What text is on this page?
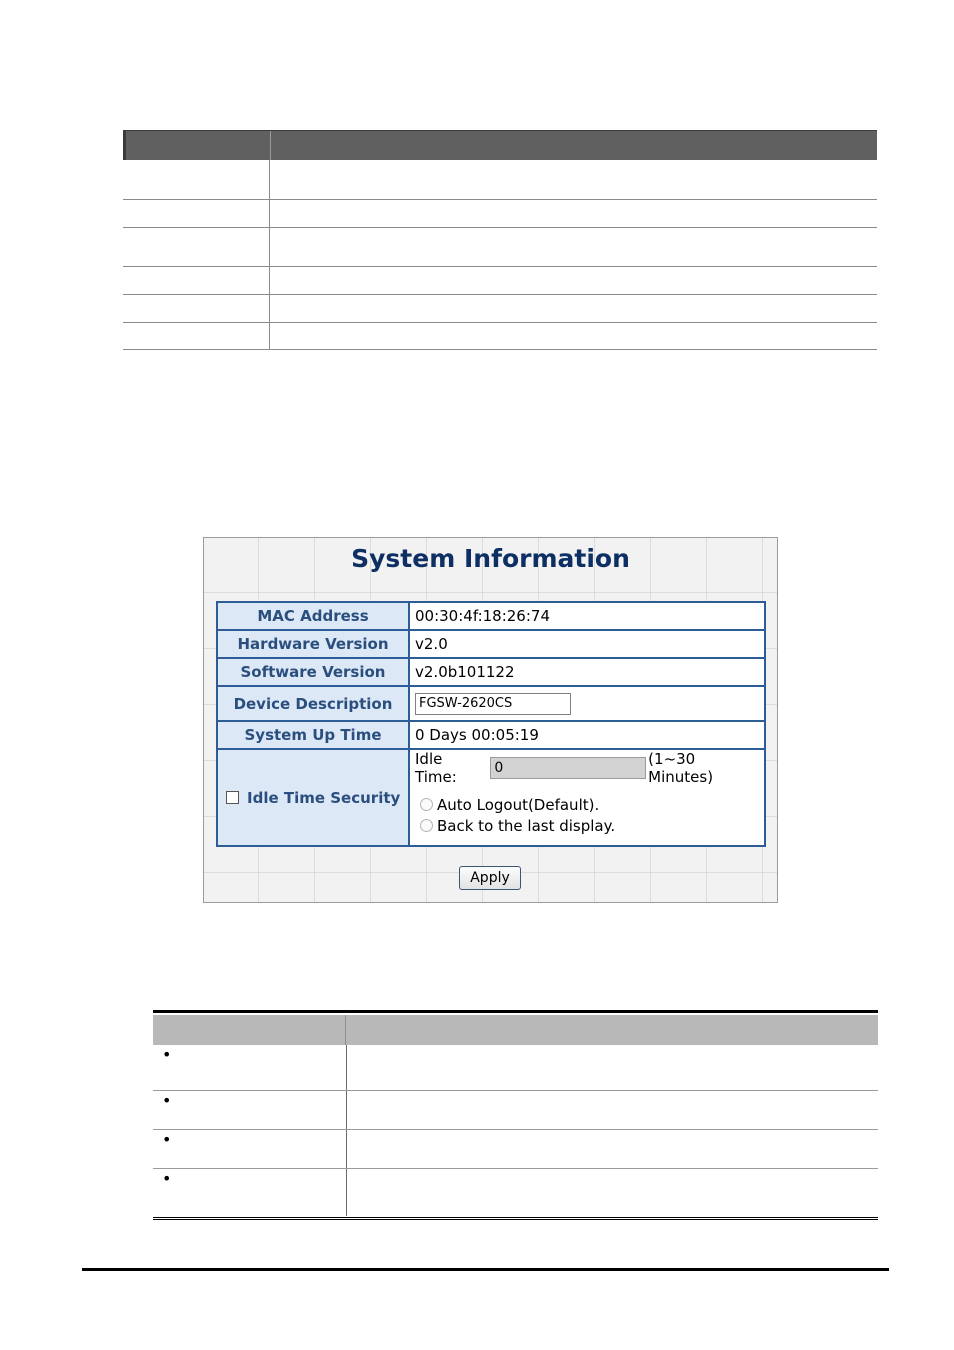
System Information
MAC Address	00:30:4f:18:26:74
Hardware Version	v2.0
Software Version	v2.0b101122
Device Description	FGSW-2620CS
System Up Time	0 Days 00:05:19
Idle Time Security	Idle Time: 0 (1~30 Minutes)
Auto Logout(Default).
Back to the last display.
Apply
•
•
•
•
